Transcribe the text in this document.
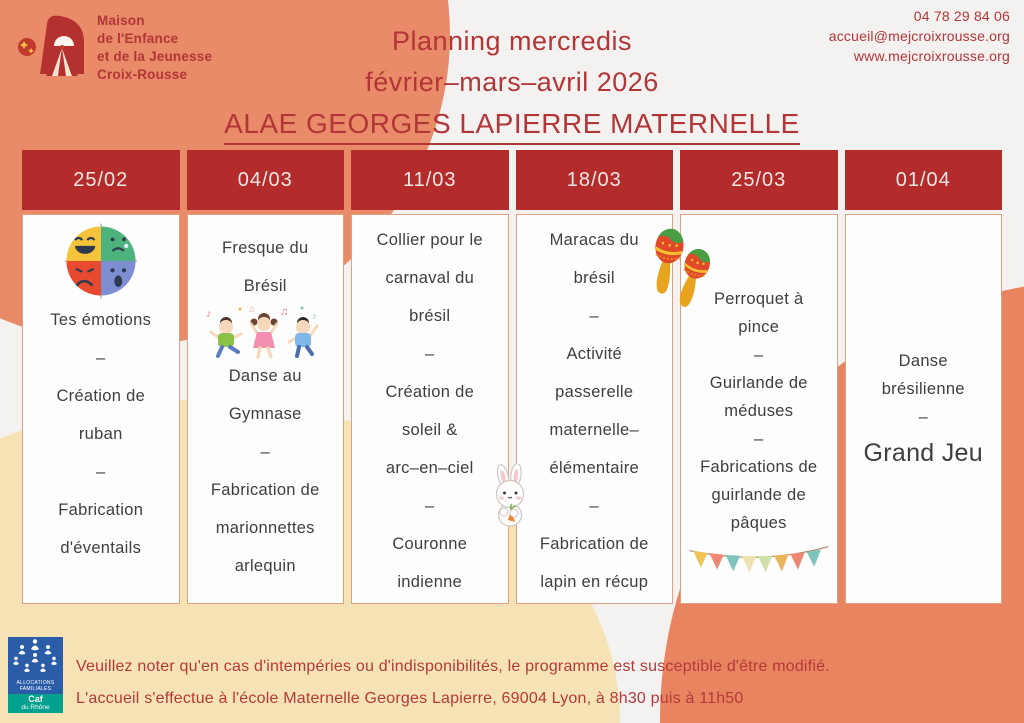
Maison
de l'Enfance
et de la Jeunesse
Croix-Rousse
Planning mercredis
février–mars–avril 2026
ALAE GEORGES LAPIERRE MATERNELLE
04 78 29 84 06
accueil@mejcroixrousse.org
www.mejcroixrousse.org
25/02
Tes émotions
–
Création de
ruban
–
Fabrication
d'éventails
04/03
Fresque du
Brésil
♪	♫ ♫	♪
Danse au
Gymnase
–
Fabrication de
marionnettes
arlequin
11/03
Collier pour le
carnaval du
brésil
–
Création de
soleil &
arc–en–ciel
–
Couronne
indienne
18/03
Maracas du
brésil
–
Activité
passerelle
maternelle–
élémentaire
–
Fabrication de
lapin en récup
25/03
Perroquet à
pince
–
Guirlande de
méduses
–
Fabrications de
guirlande de
pâques
01/04
Danse
brésilienne
–
Grand Jeu
ALLOCATIONS
FAMILIALES
Caf
du Rhône
Veuillez noter qu'en cas d'intempéries ou d'indisponibilités, le programme est susceptible d'être modifié.
L'accueil s'effectue à l'école Maternelle Georges Lapierre, 69004 Lyon, à 8h30 puis à 11h50
